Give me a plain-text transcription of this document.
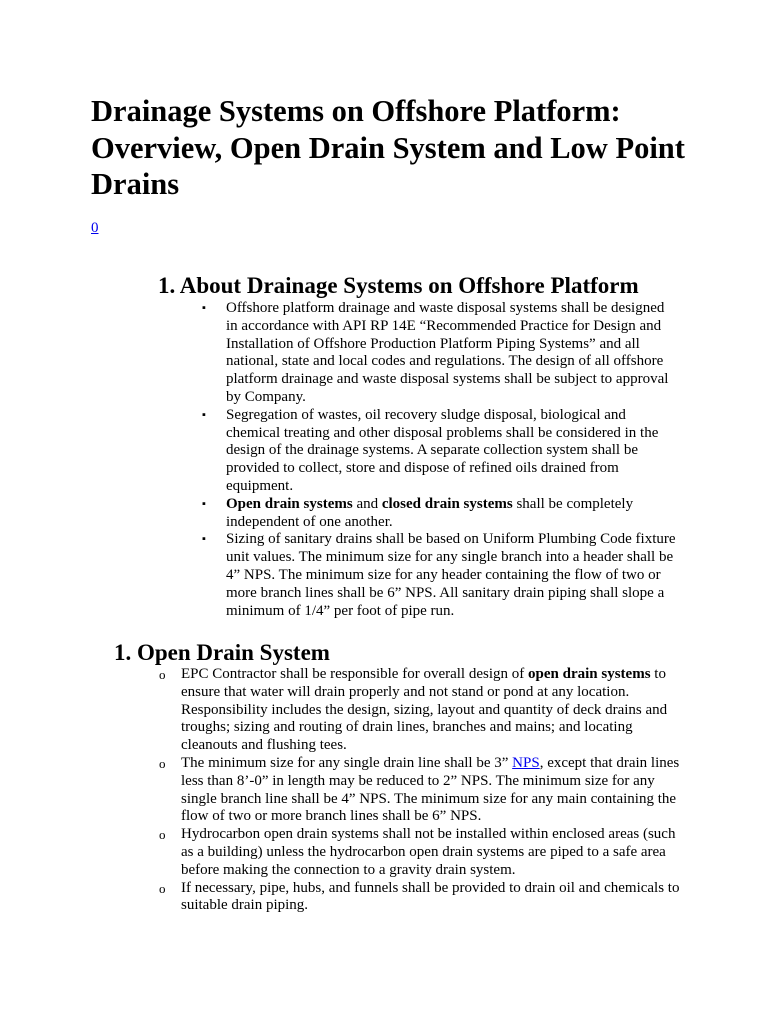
Drainage Systems on Offshore Platform: Overview, Open Drain System and Low Point Drains
0
1. About Drainage Systems on Offshore Platform
▪ Offshore platform drainage and waste disposal systems shall be designed in accordance with API RP 14E “Recommended Practice for Design and Installation of Offshore Production Platform Piping Systems” and all national, state and local codes and regulations. The design of all offshore platform drainage and waste disposal systems shall be subject to approval by Company.
▪ Segregation of wastes, oil recovery sludge disposal, biological and chemical treating and other disposal problems shall be considered in the design of the drainage systems. A separate collection system shall be provided to collect, store and dispose of refined oils drained from equipment.
▪ Open drain systems and closed drain systems shall be completely independent of one another.
▪ Sizing of sanitary drains shall be based on Uniform Plumbing Code fixture unit values. The minimum size for any single branch into a header shall be 4” NPS. The minimum size for any header containing the flow of two or more branch lines shall be 6” NPS. All sanitary drain piping shall slope a minimum of 1/4” per foot of pipe run.
1. Open Drain System
o EPC Contractor shall be responsible for overall design of open drain systems to ensure that water will drain properly and not stand or pond at any location. Responsibility includes the design, sizing, layout and quantity of deck drains and troughs; sizing and routing of drain lines, branches and mains; and locating cleanouts and flushing tees.
o The minimum size for any single drain line shall be 3” NPS, except that drain lines less than 8’-0” in length may be reduced to 2” NPS. The minimum size for any single branch line shall be 4” NPS. The minimum size for any main containing the flow of two or more branch lines shall be 6” NPS.
o Hydrocarbon open drain systems shall not be installed within enclosed areas (such as a building) unless the hydrocarbon open drain systems are piped to a safe area before making the connection to a gravity drain system.
o If necessary, pipe, hubs, and funnels shall be provided to drain oil and chemicals to suitable drain piping.
